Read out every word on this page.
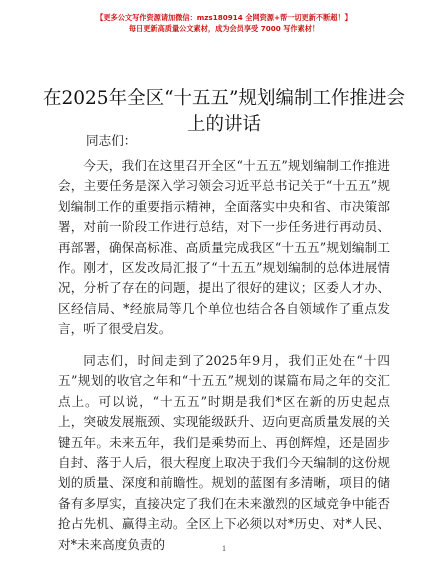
【更多公文写作资源请加微信：mzs180914 全网资源+帮一切更新不断超！】
每日更新高质量公文素材，成为会员享受 7000 写作素材！
在2025年全区“十五五”规划编制工作推进会上的讲话
同志们：

今天，我们在这里召开全区“十五五”规划编制工作推进会，主要任务是深入学习领会习近平总书记关于“十五五”规划编制工作的重要指示精神，全面落实中央和省、市决策部署，对前一阶段工作进行总结，对下一步任务进行再动员、再部署，确保高标准、高质量完成我区“十五五”规划编制工作。刚才，区发改局汇报了“十五五”规划编制的总体进展情况，分析了存在的问题，提出了很好的建议；区委人才办、区经信局、*经旅局等几个单位也结合各自领域作了重点发言，听了很受启发。

同志们，时间走到了2025年9月，我们正处在“十四五”规划的收官之年和“十五五”规划的谋篇布局之年的交汇点上。可以说，“十五五”时期是我们*区在新的历史起点上，突破发展瓶颈、实现能级跃升、迈向更高质量发展的关键五年。未来五年，我们是乘势而上、再创辉煌，还是固步自封、落于人后，很大程度上取决于我们今天编制的这份规划的质量、深度和前瞻性。规划的蓝图有多清晰，项目的储备有多厚实，直接决定了我们在未来激烈的区域竞争中能否抢占先机、赢得主动。全区上下必须以对*历史、对*人民、对*未来高度负责的	1
